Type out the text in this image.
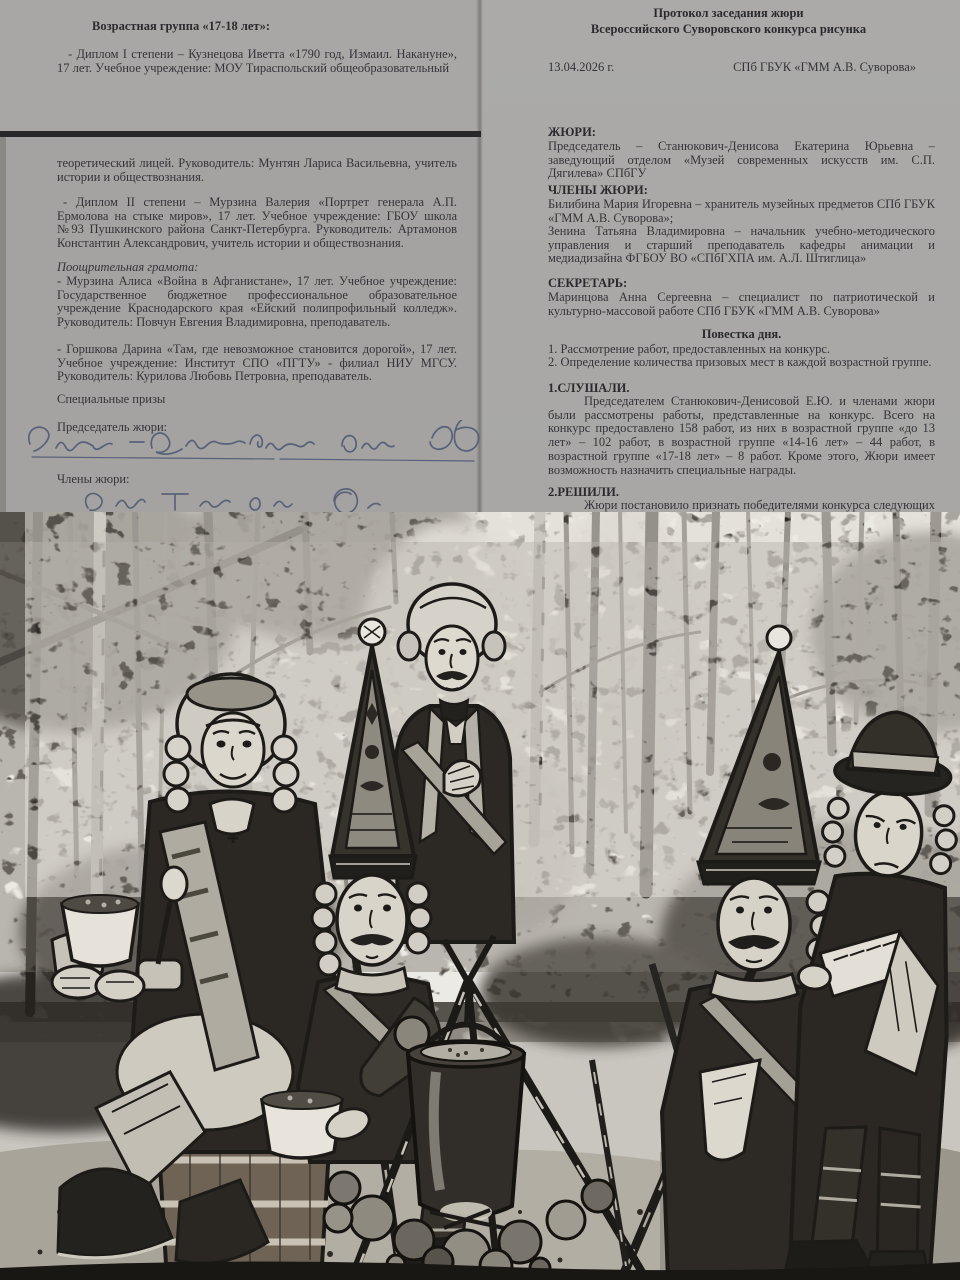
Возрастная группа «17-18 лет»:
- Диплом I степени – Кузнецова Иветта «1790 год, Измаил. Накануне», 17 лет. Учебное учреждение: МОУ Тираспольский общеобразовательный
теоретический лицей. Руководитель: Мунтян Лариса Васильевна, учитель истории и обществознания.
- Диплом II степени – Мурзина Валерия «Портрет генерала А.П. Ермолова на стыке миров», 17 лет. Учебное учреждение: ГБОУ школа №93 Пушкинского района Санкт-Петербурга. Руководитель: Артамонов Константин Александрович, учитель истории и обществознания.
Поощрительная грамота:
- Мурзина Алиса «Война в Афганистане», 17 лет. Учебное учреждение: Государственное бюджетное профессиональное образовательное учреждение Краснодарского края «Ейский полипрофильный колледж». Руководитель: Повчун Евгения Владимировна, преподаватель.
- Горшкова Дарина «Там, где невозможное становится дорогой», 17 лет. Учебное учреждение: Институт СПО «ПГТУ» - филиал НИУ МГСУ. Руководитель: Курилова Любовь Петровна, преподаватель.
Специальные призы
Председатель жюри:
Члены жюри:
Протокол заседания жюри
Всероссийского Суворовского конкурса рисунка
13.04.2026 г.	СПб ГБУК «ГММ А.В. Суворова»
ЖЮРИ:
Председатель – Станюкович-Денисова Екатерина Юрьевна – заведующий отделом «Музей современных искусств им. С.П. Дягилева» СПбГУ
ЧЛЕНЫ ЖЮРИ:
Билибина Мария Игоревна – хранитель музейных предметов СПб ГБУК «ГММ А.В. Суворова»;
Зенина Татьяна Владимировна – начальник учебно-методического управления и старший преподаватель кафедры анимации и медиадизайна ФГБОУ ВО «СПбГХПА им. А.Л. Штиглица»
СЕКРЕТАРЬ:
Маринцова Анна Сергеевна – специалист по патриотической и культурно-массовой работе СПб ГБУК «ГММ А.В. Суворова»
Повестка дня.
1. Рассмотрение работ, предоставленных на конкурс.
2. Определение количества призовых мест в каждой возрастной группе.
1.СЛУШАЛИ.
Председателем Станюкович-Денисовой Е.Ю. и членами жюри были рассмотрены работы, представленные на конкурс. Всего на конкурс предоставлено 158 работ, из них в возрастной группе «до 13 лет» – 102 работ, в возрастной группе «14-16 лет» – 44 работ, в возрастной группе «17-18 лет» – 8 работ. Кроме этого, Жюри имеет возможность назначить специальные награды.
2.РЕШИЛИ.
Жюри постановило признать победителями конкурса следующих
